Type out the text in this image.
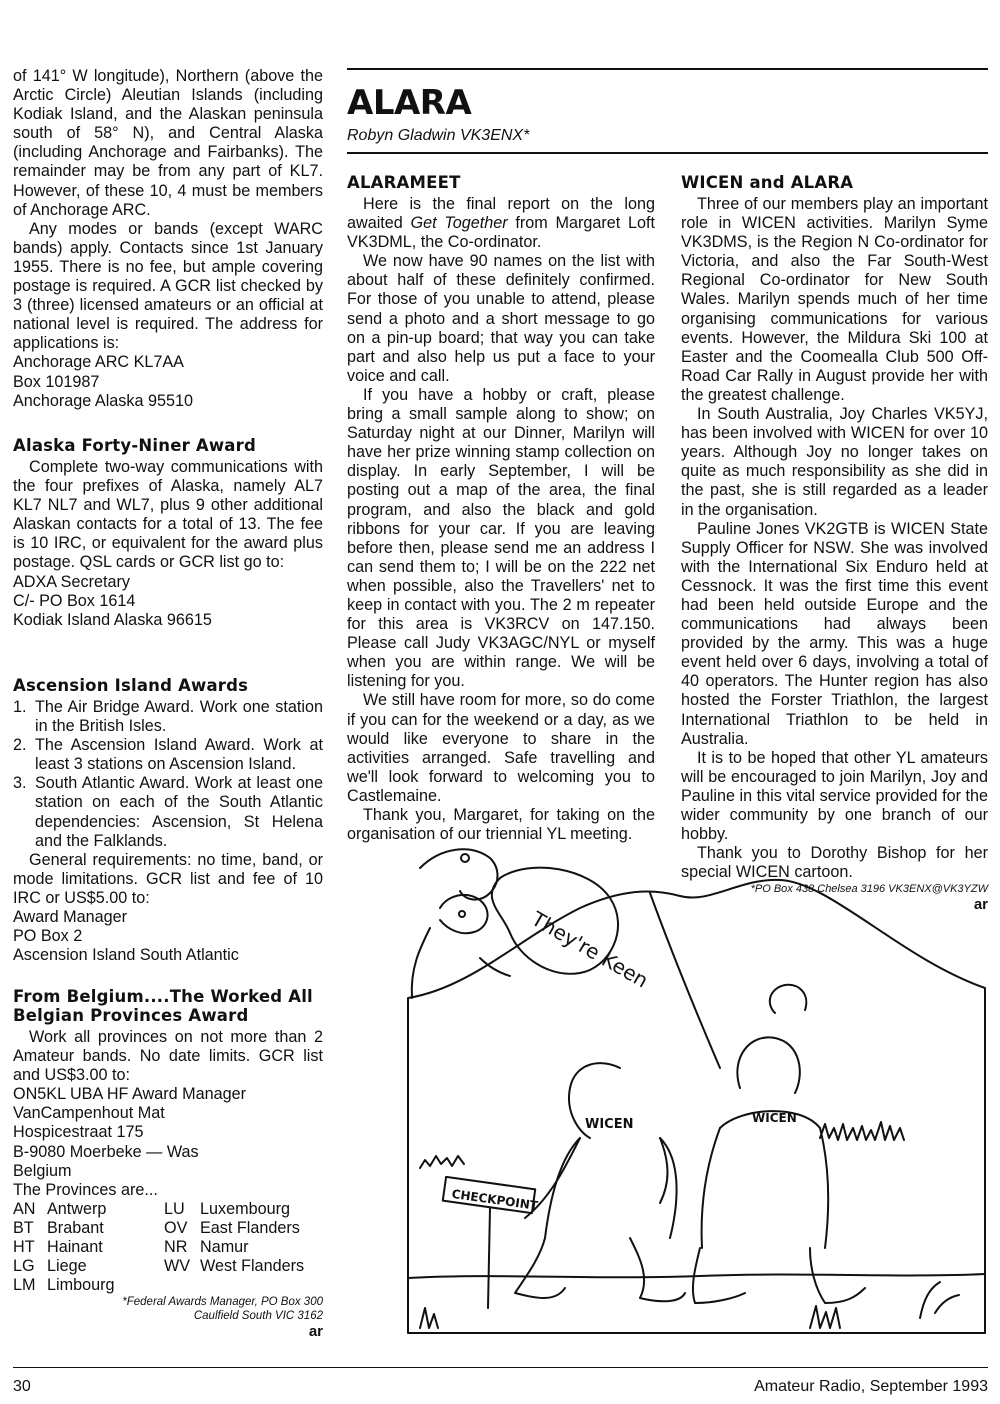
of 141° W longitude), Northern (above the Arctic Circle) Aleutian Islands (including Kodiak Island, and the Alaskan peninsula south of 58° N), and Central Alaska (including Anchorage and Fairbanks). The remainder may be from any part of KL7. However, of these 10, 4 must be members of Anchorage ARC.

Any modes or bands (except WARC bands) apply. Contacts since 1st January 1955. There is no fee, but ample covering postage is required. A GCR list checked by 3 (three) licensed amateurs or an official at national level is required. The address for applications is:

Anchorage ARC KL7AA
Box 101987
Anchorage Alaska 95510
Alaska Forty-Niner Award

Complete two-way communications with the four prefixes of Alaska, namely AL7 KL7 NL7 and WL7, plus 9 other additional Alaskan contacts for a total of 13. The fee is 10 IRC, or equivalent for the award plus postage. QSL cards or GCR list go to:

ADXA Secretary
C/- PO Box 1614
Kodiak Island Alaska 96615
Ascension Island Awards
1. The Air Bridge Award. Work one station in the British Isles.
2. The Ascension Island Award. Work at least 3 stations on Ascension Island.
3. South Atlantic Award. Work at least one station on each of the South Atlantic dependencies: Ascension, St Helena and the Falklands.

General requirements: no time, band, or mode limitations. GCR list and fee of 10 IRC or US$5.00 to:

Award Manager
PO Box 2
Ascension Island South Atlantic
From Belgium....The Worked All Belgian Provinces Award

Work all provinces on not more than 2 Amateur bands. No date limits. GCR list and US$3.00 to:

ON5KL UBA HF Award Manager
VanCampenhout Mat
Hospicestraat 175
B-9080 Moerbeke — Was
Belgium
The Provinces are...
AN Antwerp	LU Luxembourg
BT Brabant	OV East Flanders
HT Hainant	NR Namur
LG Liege	WV West Flanders
LM Limbourg
*Federal Awards Manager, PO Box 300
Caulfield South VIC 3162
ar
ALARA
Robyn Gladwin VK3ENX*
ALARAMEET

Here is the final report on the long awaited Get Together from Margaret Loft VK3DML, the Co-ordinator.

We now have 90 names on the list with about half of these definitely confirmed. For those of you unable to attend, please send a photo and a short message to go on a pin-up board; that way you can take part and also help us put a face to your voice and call.

If you have a hobby or craft, please bring a small sample along to show; on Saturday night at our Dinner, Marilyn will have her prize winning stamp collection on display. In early September, I will be posting out a map of the area, the final program, and also the black and gold ribbons for your car. If you are leaving before then, please send me an address I can send them to; I will be on the 222 net when possible, also the Travellers' net to keep in contact with you. The 2 m repeater for this area is VK3RCV on 147.150. Please call Judy VK3AGC/NYL or myself when you are within range. We will be listening for you.

We still have room for more, so do come if you can for the weekend or a day, as we would like everyone to share in the activities arranged. Safe travelling and we'll look forward to welcoming you to Castlemaine.

Thank you, Margaret, for taking on the organisation of our triennial YL meeting.

WICEN and ALARA

Three of our members play an important role in WICEN activities. Marilyn Syme VK3DMS, is the Region N Co-ordinator for Victoria, and also the Far South-West Regional Co-ordinator for New South Wales. Marilyn spends much of her time organising communications for various events. However, the Mildura Ski 100 at Easter and the Coomealla Club 500 Off-Road Car Rally in August provide her with the greatest challenge.

In South Australia, Joy Charles VK5YJ, has been involved with WICEN for over 10 years. Although Joy no longer takes on quite as much responsibility as she did in the past, she is still regarded as a leader in the organisation.

Pauline Jones VK2GTB is WICEN State Supply Officer for NSW. She was involved with the International Six Enduro held at Cessnock. It was the first time this event had been held outside Europe and the communications had always been provided by the army. This was a huge event held over 6 days, involving a total of 40 operators. The Hunter region has also hosted the Forster Triathlon, the largest International Triathlon to be held in Australia.

It is to be hoped that other YL amateurs will be encouraged to join Marilyn, Joy and Pauline in this vital service provided for the wider community by one branch of our hobby.

Thank you to Dorothy Bishop for her special WICEN cartoon.

*PO Box 438 Chelsea 3196 VK3ENX@VK3YZW
ar
They're Keen
CHECKPOINT
WICEN	WICEN
30	Amateur Radio, September 1993
